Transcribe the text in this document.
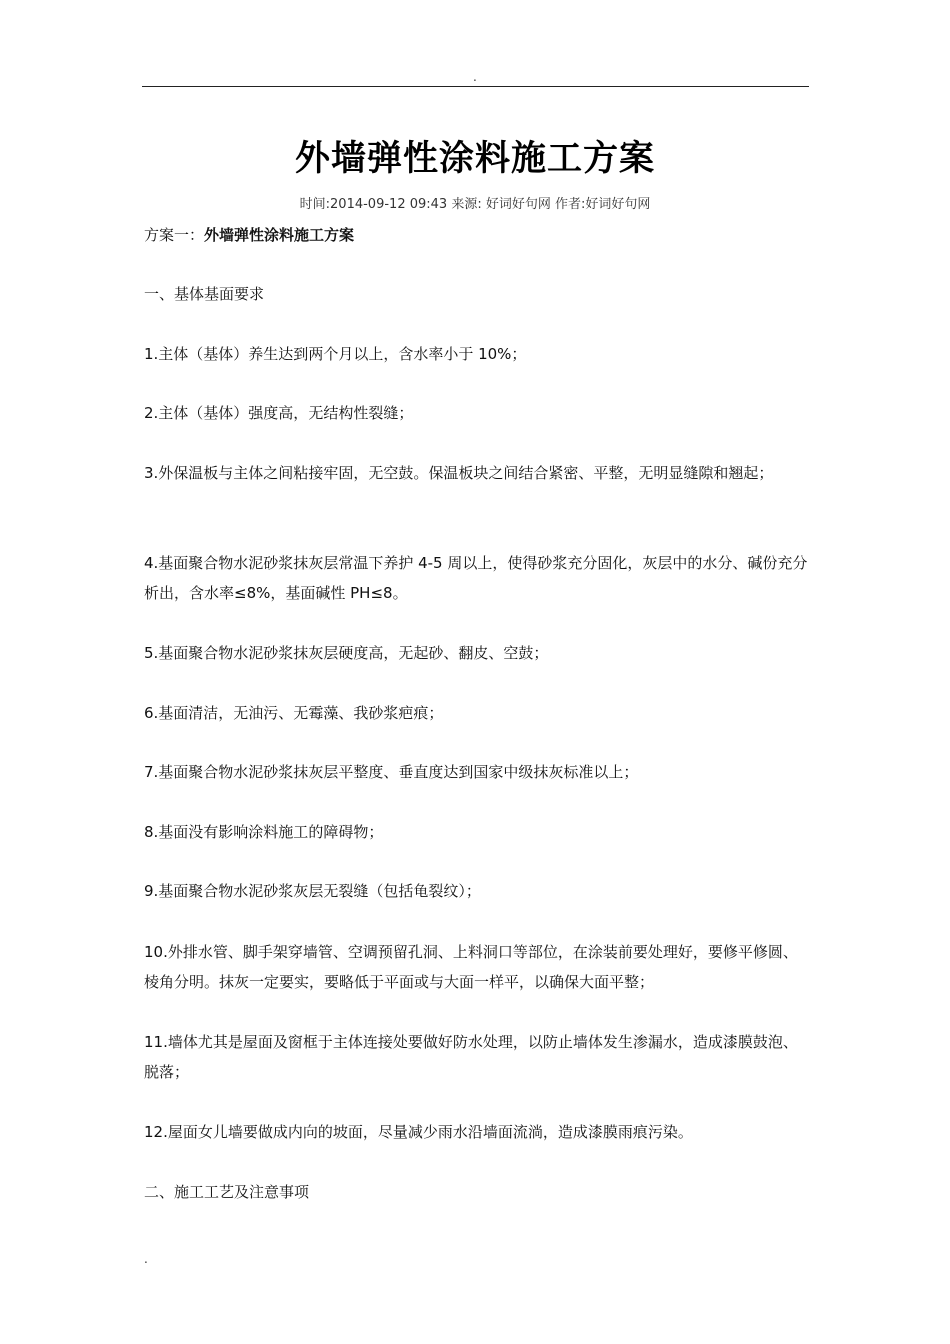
.
外墙弹性涂料施工方案
时间:2014-09-12 09:43 来源: 好词好句网 作者:好词好句网
方案一：外墙弹性涂料施工方案

一、基体基面要求

1.主体（基体）养生达到两个月以上，含水率小于 10%；

2.主体（基体）强度高，无结构性裂缝；

3.外保温板与主体之间粘接牢固，无空鼓。保温板块之间结合紧密、平整，无明显缝隙和翘起；

4.基面聚合物水泥砂浆抹灰层常温下养护 4-5 周以上，使得砂浆充分固化，灰层中的水分、碱份充分析出，含水率≤8%，基面碱性 PH≤8。

5.基面聚合物水泥砂浆抹灰层硬度高，无起砂、翻皮、空鼓；

6.基面清洁，无油污、无霉藻、我砂浆疤痕；

7.基面聚合物水泥砂浆抹灰层平整度、垂直度达到国家中级抹灰标准以上；

8.基面没有影响涂料施工的障碍物；

9.基面聚合物水泥砂浆灰层无裂缝（包括龟裂纹）；

10.外排水管、脚手架穿墙管、空调预留孔洞、上料洞口等部位，在涂装前要处理好，要修平修圆、棱角分明。抹灰一定要实，要略低于平面或与大面一样平，以确保大面平整；

11.墙体尤其是屋面及窗框于主体连接处要做好防水处理，以防止墙体发生渗漏水，造成漆膜鼓泡、脱落；

12.屋面女儿墙要做成内向的坡面，尽量减少雨水沿墙面流淌，造成漆膜雨痕污染。

二、施工工艺及注意事项

.
